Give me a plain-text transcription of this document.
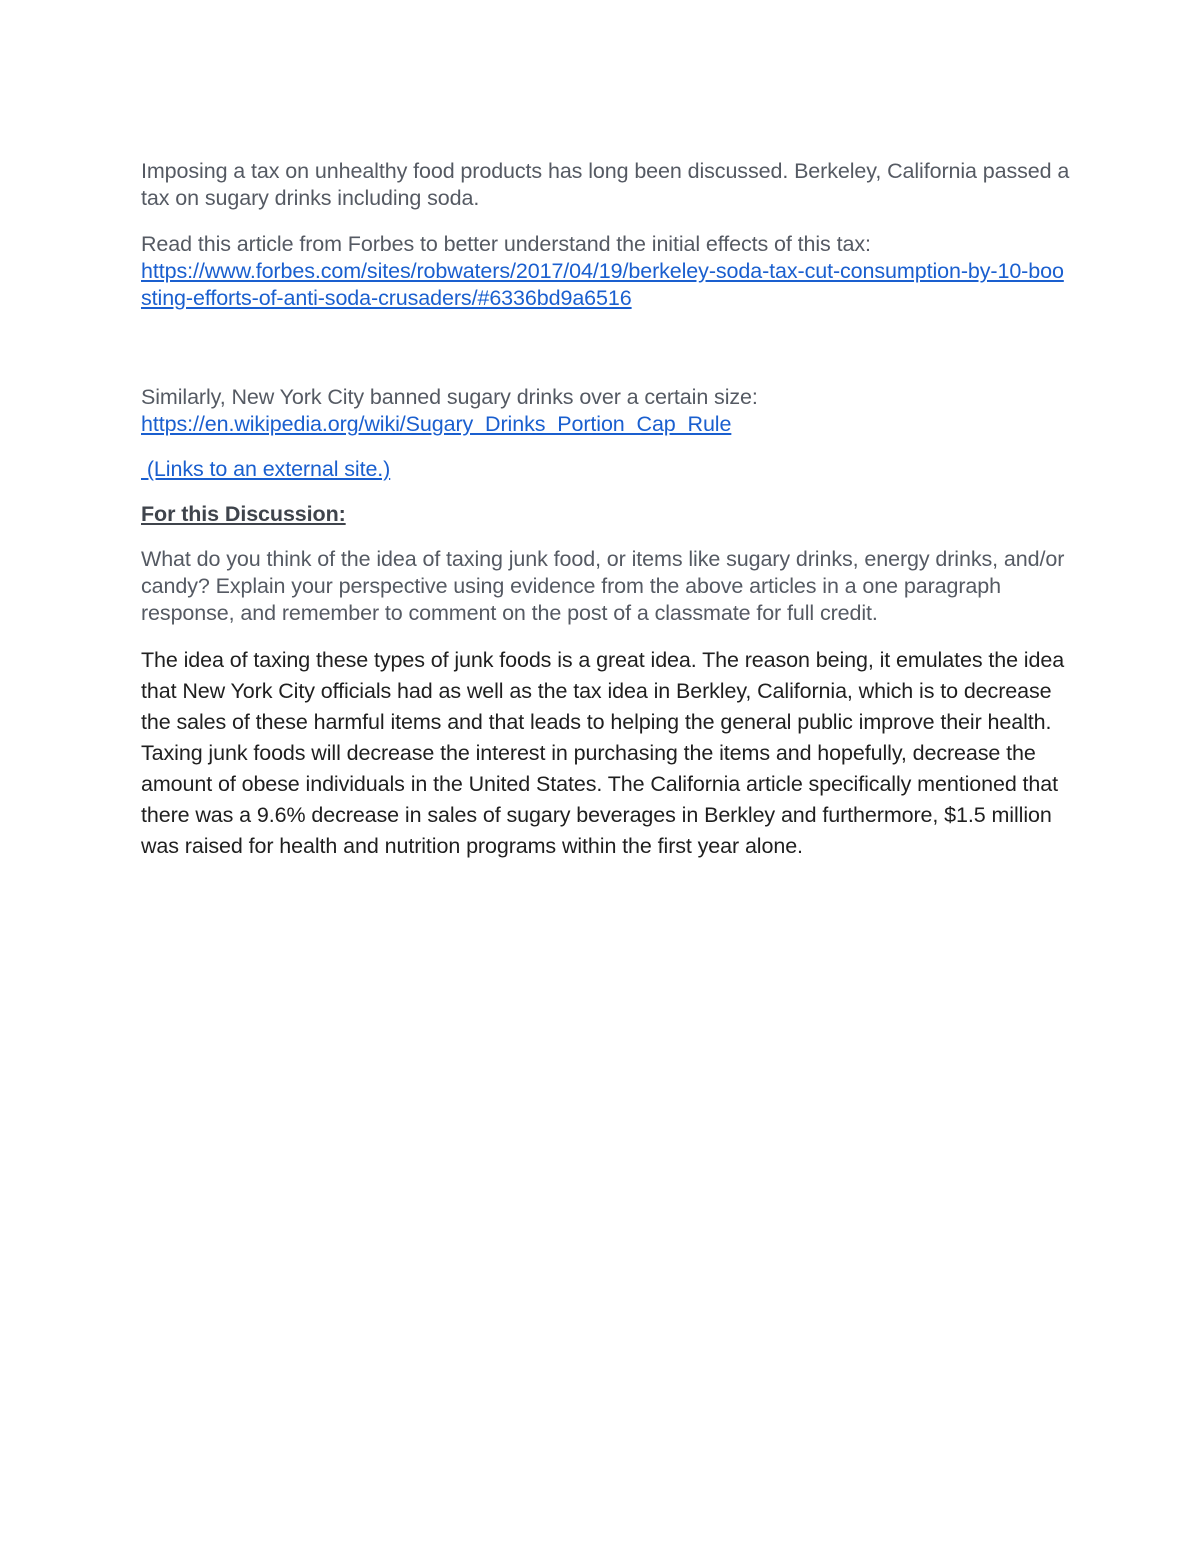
Imposing a tax on unhealthy food products has long been discussed. Berkeley, California passed a tax on sugary drinks including soda.

Read this article from Forbes to better understand the initial effects of this tax:

https://www.forbes.com/sites/robwaters/2017/04/19/berkeley-soda-tax-cut-consumption-by-10-boosting-efforts-of-anti-soda-crusaders/#6336bd9a6516

Similarly, New York City banned sugary drinks over a certain size:

https://en.wikipedia.org/wiki/Sugary_Drinks_Portion_Cap_Rule
(Links to an external site.)

For this Discussion:

What do you think of the idea of taxing junk food, or items like sugary drinks, energy drinks, and/or candy? Explain your perspective using evidence from the above articles in a one paragraph response, and remember to comment on the post of a classmate for full credit.

The idea of taxing these types of junk foods is a great idea. The reason being, it emulates the idea that New York City officials had as well as the tax idea in Berkley, California, which is to decrease the sales of these harmful items and that leads to helping the general public improve their health. Taxing junk foods will decrease the interest in purchasing the items and hopefully, decrease the amount of obese individuals in the United States. The California article specifically mentioned that there was a 9.6% decrease in sales of sugary beverages in Berkley and furthermore, $1.5 million was raised for health and nutrition programs within the first year alone.
